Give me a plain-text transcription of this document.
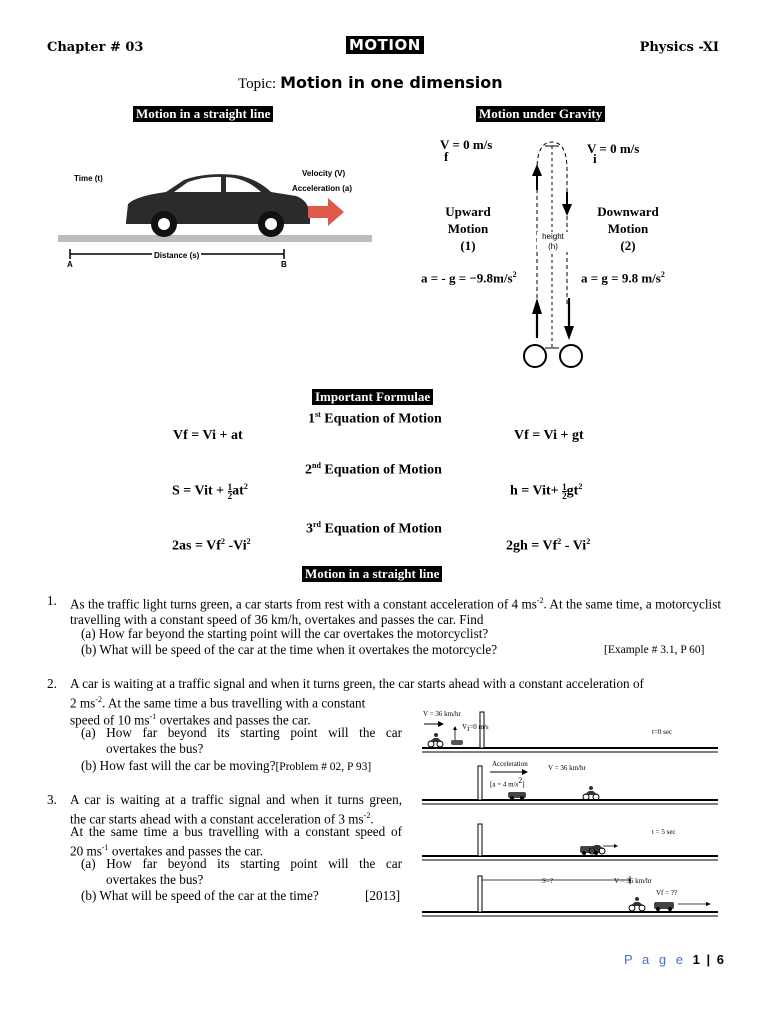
Chapter # 03	MOTION	Physics -XI
Topic: Motion in one dimension
Motion in a straight line	Motion under Gravity
Time (t)
Velocity (V)
Acceleration (a)
Distance (s)
A	B
V = 0 m/s
f
V = 0 m/s
i
Upward
Motion
(1)
Downward
Motion
(2)
height
(h)
a = - $g = -9.8m/s^2$	a = g = 9.8 $m/s^2$
Important Formulae
1st Equation of Motion
Vf = Vi + at	Vf = Vi + gt
2nd Equation of Motion
S = Vit + $\frac{1}{2} at^2$	$h = Vit+ \frac{1}{2} gt^2$
3rd Equation of Motion
$2as = Vf^2$ -Vi$^2$	$2gh = Vf^2 - Vi^2$
Motion in a straight line
1. As the traffic light turns green, a car starts from rest with a constant acceleration of 4 $ms^{-2}$. At the same time, a motorcyclist travelling with a constant speed of 36 km/h, overtakes and passes the car. Find
(a) How far beyond the starting point will the car overtakes the motorcyclist?
(b) What will be speed of the car at the time when it overtakes the motorcycle?	[Example # 3.1, P 60]
2. A car is waiting at a traffic signal and when it turns green, the car starts ahead with a constant acceleration of
2 $ms^{-2}$. At the same time a bus travelling with a constant
speed of 10 $ms^{-1}$ overtakes and passes the car.
(a) How far beyond its starting point will the car
overtakes the bus?
(b) How fast will the car be moving?[Problem # 02, P 93]
3. A car is waiting at a traffic signal and when it turns green,
the car starts ahead with a constant acceleration of 3 $ms^{-2}$.
At the same time a bus travelling with a constant speed of
20 $ms^{-1}$ overtakes and passes the car.
(a) How far beyond its starting point will the car
overtakes the bus?
(b) What will be speed of the car at the time?	[2013]
V = 36 km/hr
Vi=0 m/s
t=0 sec
Acceleration
[a = 4 $m/s^2$]
V = 36 km/hr
t = 5 sec
S=?	V = 36 km/hr
Vf = ??
P a g e 1 | 6
